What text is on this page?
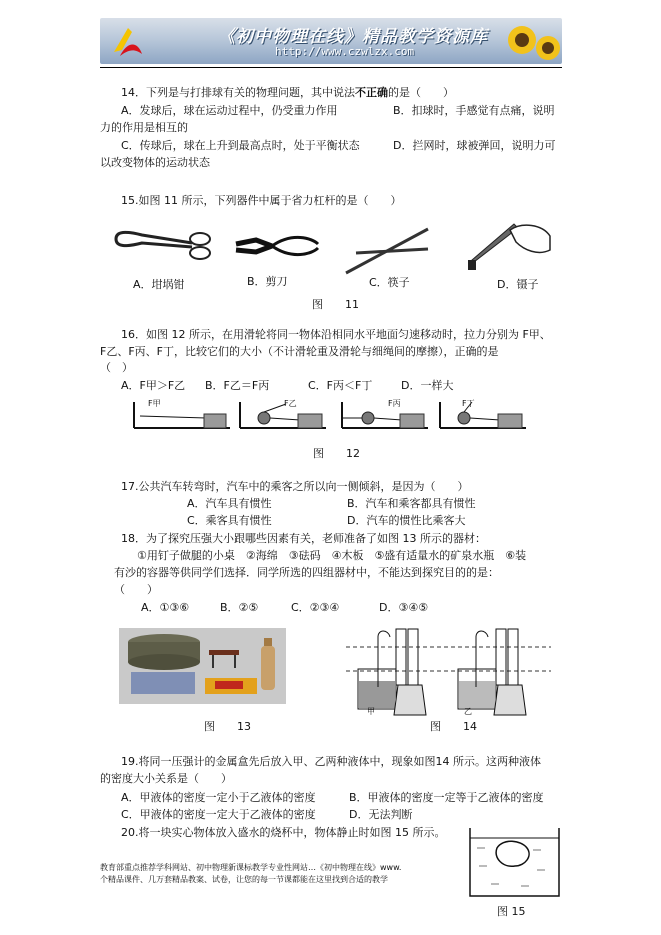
《初中物理在线》精品教学资源库
http://www.czwlzx.com
14．下列是与打排球有关的物理问题，其中说法不正确的是（　　）
A．发球后，球在运动过程中，仍受重力作用	B．扣球时，手感觉有点痛，说明
力的作用是相互的
C．传球后，球在上升到最高点时，处于平衡状态	D．拦网时，球被弹回，说明力可
以改变物体的运动状态
15.如图 11 所示，下列器件中属于省力杠杆的是（　　）
A．坩埚钳	B．剪刀	C．筷子	D．镊子
图　　11
16．如图 12 所示，在用滑轮将同一物体沿相同水平地面匀速移动时，拉力分别为 F甲、
F乙、F丙、F丁，比较它们的大小（不计滑轮重及滑轮与细绳间的摩擦），正确的是
（　）
A．F甲＞F乙 B．F乙＝F丙	C．F丙＜F丁	D．一样大
F甲	F乙	F丙	F丁
图　　12
17.公共汽车转弯时，汽车中的乘客之所以向一侧倾斜，是因为（　　）
A．汽车具有惯性	B．汽车和乘客都具有惯性
C．乘客具有惯性	D．汽车的惯性比乘客大
18．为了探究压强大小跟哪些因素有关，老师准备了如图 13 所示的器材：
①用钉子做腿的小桌　②海绵　③砝码　④木板　⑤盛有适量水的矿泉水瓶　⑥装
有沙的容器等供同学们选择．同学所选的四组器材中，不能达到探究目的的是：
（　　）
A．①③⑥	B．②⑤	C．②③④	D．③④⑤
甲	乙
图　　13	图　　14
19.将同一压强计的金属盒先后放入甲、乙两种液体中，现象如图14 所示。这两种液体
的密度大小关系是（　　）
A．甲液体的密度一定小于乙液体的密度	B．甲液体的密度一定等于乙液体的密度
C．甲液体的密度一定大于乙液体的密度	D．无法判断
20.将一块实心物体放入盛水的烧杯中，物体静止时如图 15 所示。
图 15
教育部重点推荐学科网站、初中物理新课标教学专业性网站…《初中物理在线》www.
个精品课件、几万套精品教案、试卷，让您的每一节课都能在这里找到合适的教学
